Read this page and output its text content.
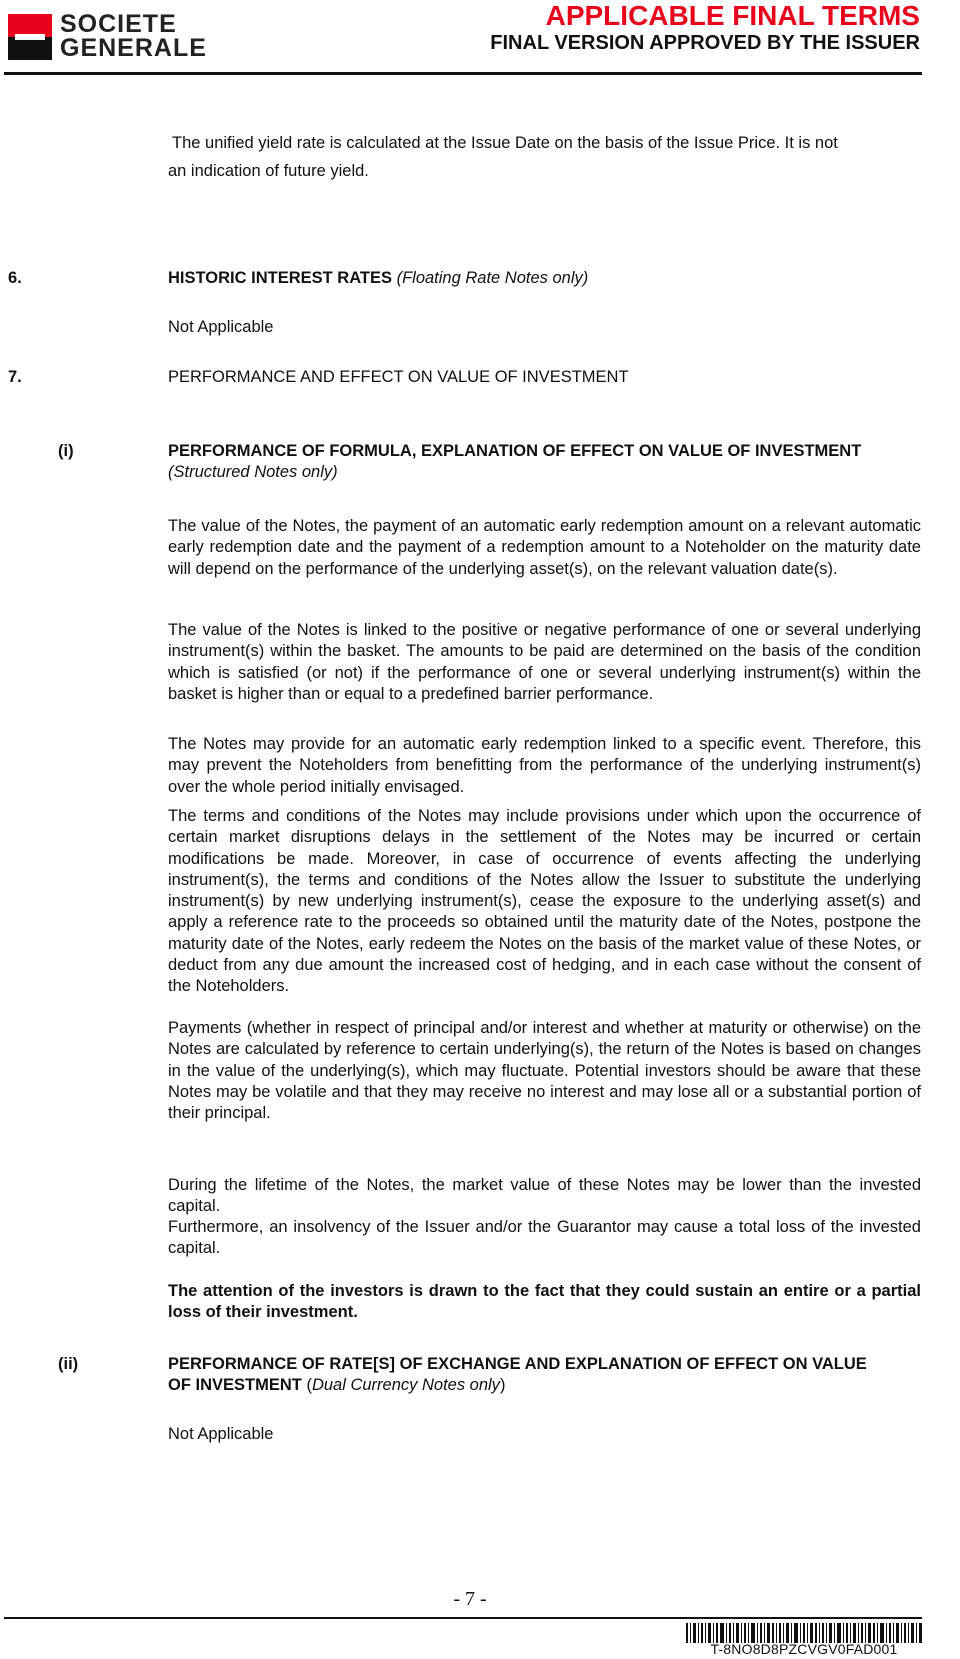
SOCIETE
GENERALE
APPLICABLE FINAL TERMS
FINAL VERSION APPROVED BY THE ISSUER
The unified yield rate is calculated at the Issue Date on the basis of the Issue Price. It is not
an indication of future yield.
6.	HISTORIC INTEREST RATES (Floating Rate Notes only)
Not Applicable
7.	PERFORMANCE AND EFFECT ON VALUE OF INVESTMENT
(i)	PERFORMANCE OF FORMULA, EXPLANATION OF EFFECT ON VALUE OF INVESTMENT (Structured Notes only)
The value of the Notes, the payment of an automatic early redemption amount on a relevant automatic early redemption date and the payment of a redemption amount to a Noteholder on the maturity date will depend on the performance of the underlying asset(s), on the relevant valuation date(s).
The value of the Notes is linked to the positive or negative performance of one or several underlying instrument(s) within the basket. The amounts to be paid are determined on the basis of the condition which is satisfied (or not) if the performance of one or several underlying instrument(s) within the basket is higher than or equal to a predefined barrier performance.
The Notes may provide for an automatic early redemption linked to a specific event. Therefore, this may prevent the Noteholders from benefitting from the performance of the underlying instrument(s) over the whole period initially envisaged.
The terms and conditions of the Notes may include provisions under which upon the occurrence of certain market disruptions delays in the settlement of the Notes may be incurred or certain modifications be made. Moreover, in case of occurrence of events affecting the underlying instrument(s), the terms and conditions of the Notes allow the Issuer to substitute the underlying instrument(s) by new underlying instrument(s), cease the exposure to the underlying asset(s) and apply a reference rate to the proceeds so obtained until the maturity date of the Notes, postpone the maturity date of the Notes, early redeem the Notes on the basis of the market value of these Notes, or deduct from any due amount the increased cost of hedging, and in each case without the consent of the Noteholders.
Payments (whether in respect of principal and/or interest and whether at maturity or otherwise) on the Notes are calculated by reference to certain underlying(s), the return of the Notes is based on changes in the value of the underlying(s), which may fluctuate. Potential investors should be aware that these Notes may be volatile and that they may receive no interest and may lose all or a substantial portion of their principal.
During the lifetime of the Notes, the market value of these Notes may be lower than the invested capital.
Furthermore, an insolvency of the Issuer and/or the Guarantor may cause a total loss of the invested capital.
The attention of the investors is drawn to the fact that they could sustain an entire or a partial loss of their investment.
(ii)	PERFORMANCE OF RATE[S] OF EXCHANGE AND EXPLANATION OF EFFECT ON VALUE OF INVESTMENT (Dual Currency Notes only)
Not Applicable
- 7 -
T-8NO8D8PZCVGV0FAD001
